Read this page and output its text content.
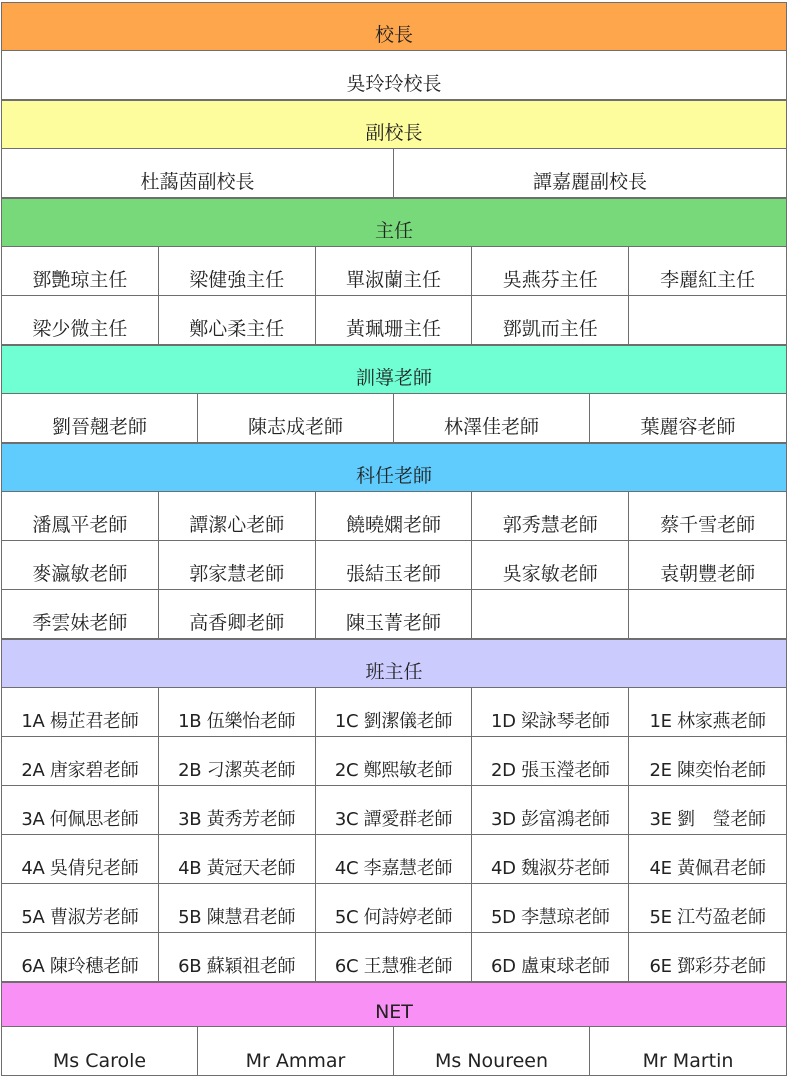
校長
吳玲玲校長
副校長
杜藹茵副校長	譚嘉麗副校長
主任
鄧艷琼主任	梁健強主任	單淑蘭主任	吳燕芬主任	李麗紅主任
梁少微主任	鄭心柔主任	黃珮珊主任	鄧凱而主任
訓導老師
劉晉翹老師	陳志成老師	林澤佳老師	葉麗容老師
科任老師
潘鳳平老師	譚潔心老師	饒曉嫻老師	郭秀慧老師	蔡千雪老師
麥瀛敏老師	郭家慧老師	張結玉老師	吳家敏老師	袁朝豐老師
季雲妹老師	高香卿老師	陳玉菁老師
班主任
1A 楊芷君老師	1B 伍樂怡老師	1C 劉潔儀老師	1D 梁詠琴老師	1E 林家燕老師
2A 唐家碧老師	2B 刁潔英老師	2C 鄭熙敏老師	2D 張玉瀅老師	2E 陳奕怡老師
3A 何佩思老師	3B 黃秀芳老師	3C 譚愛群老師	3D 彭富鴻老師	3E 劉　瑩老師
4A 吳倩兒老師	4B 黃冠天老師	4C 李嘉慧老師	4D 魏淑芬老師	4E 黃佩君老師
5A 曹淑芳老師	5B 陳慧君老師	5C 何詩婷老師	5D 李慧琼老師	5E 江芍盈老師
6A 陳玲穗老師	6B 蘇穎祖老師	6C 王慧雅老師	6D 盧東球老師	6E 鄧彩芬老師
NET
Ms Carole	Mr Ammar	Ms Noureen	Mr Martin
